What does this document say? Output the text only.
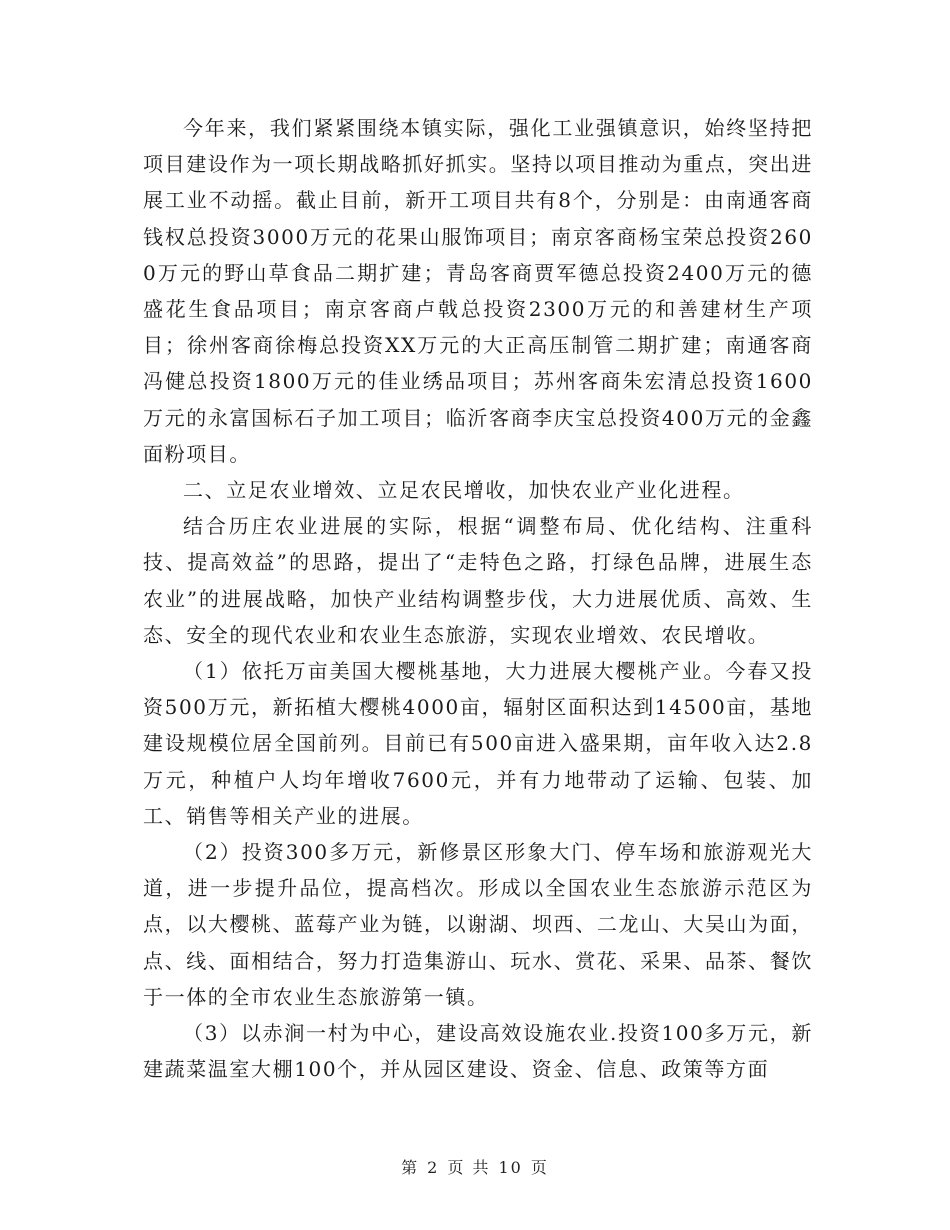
今年来，我们紧紧围绕本镇实际，强化工业强镇意识，始终坚持把项目建设作为一项长期战略抓好抓实。坚持以项目推动为重点，突出进展工业不动摇。截止目前，新开工项目共有8个，分别是：由南通客商钱权总投资3000万元的花果山服饰项目；南京客商杨宝荣总投资2600万元的野山草食品二期扩建；青岛客商贾军德总投资2400万元的德盛花生食品项目；南京客商卢戟总投资2300万元的和善建材生产项目；徐州客商徐梅总投资XX万元的大正高压制管二期扩建；南通客商冯健总投资1800万元的佳业绣品项目；苏州客商朱宏清总投资1600万元的永富国标石子加工项目；临沂客商李庆宝总投资400万元的金鑫面粉项目。

二、立足农业增效、立足农民增收，加快农业产业化进程。

结合历庄农业进展的实际，根据“调整布局、优化结构、注重科技、提高效益”的思路，提出了“走特色之路，打绿色品牌，进展生态农业”的进展战略，加快产业结构调整步伐，大力进展优质、高效、生态、安全的现代农业和农业生态旅游，实现农业增效、农民增收。

（1）依托万亩美国大樱桃基地，大力进展大樱桃产业。今春又投资500万元，新拓植大樱桃4000亩，辐射区面积达到14500亩，基地建设规模位居全国前列。目前已有500亩进入盛果期，亩年收入达2.8万元，种植户人均年增收7600元，并有力地带动了运输、包装、加工、销售等相关产业的进展。

（2）投资300多万元，新修景区形象大门、停车场和旅游观光大道，进一步提升品位，提高档次。形成以全国农业生态旅游示范区为点，以大樱桃、蓝莓产业为链，以谢湖、坝西、二龙山、大吴山为面，点、线、面相结合，努力打造集游山、玩水、赏花、采果、品茶、餐饮于一体的全市农业生态旅游第一镇。

（3）以赤涧一村为中心，建设高效设施农业.投资100多万元，新建蔬菜温室大棚100个，并从园区建设、资金、信息、政策等方面

第 2 页 共 10 页
